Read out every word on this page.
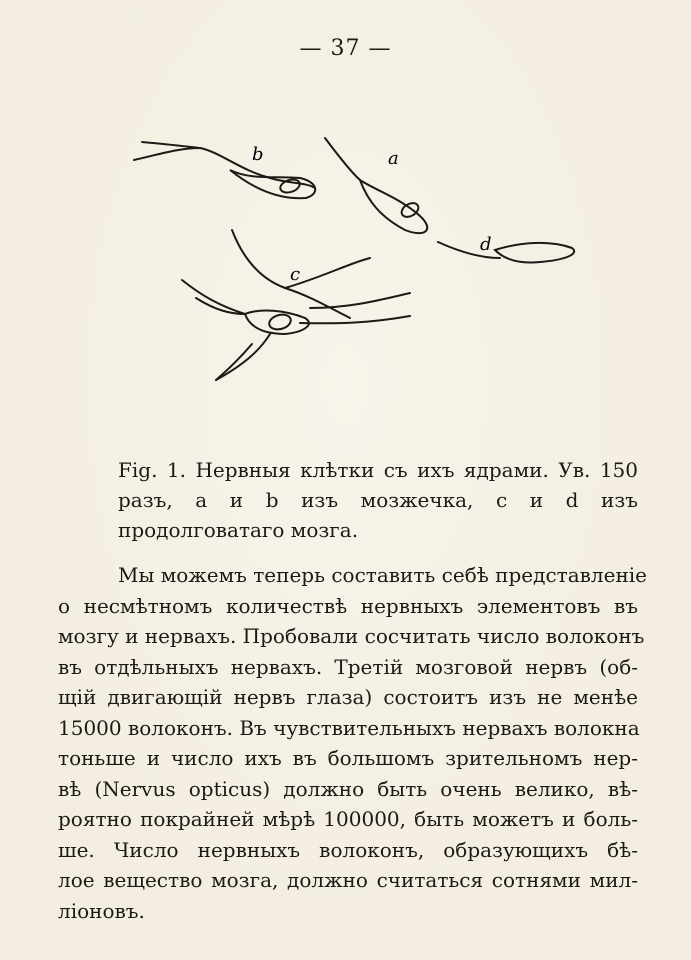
— 37 —
b	a
d
c

Fig. 1. Нервныя клѣтки съ ихъ ядрами. Ув. 150 разъ, a и b изъ мозжечка, c и d изъ продолговатаго мозга.

Мы можемъ теперь составить себѣ представленіе
о несмѣтномъ количествѣ нервныхъ элементовъ въ
мозгу и нервахъ. Пробовали сосчитать число волоконъ
въ отдѣльныхъ нервахъ. Третій мозговой нервъ (об-
щій двигающій нервъ глаза) состоитъ изъ не менѣе
15000 волоконъ. Въ чувствительныхъ нервахъ волокна
тоньше и число ихъ въ большомъ зрительномъ нер-
вѣ (Nervus opticus) должно быть очень велико, вѣ-
роятно покрайней мѣрѣ 100000, быть можетъ и боль-
ше. Число нервныхъ волоконъ, образующихъ бѣ-
лое вещество мозга, должно считаться сотнями мил-
ліоновъ.
